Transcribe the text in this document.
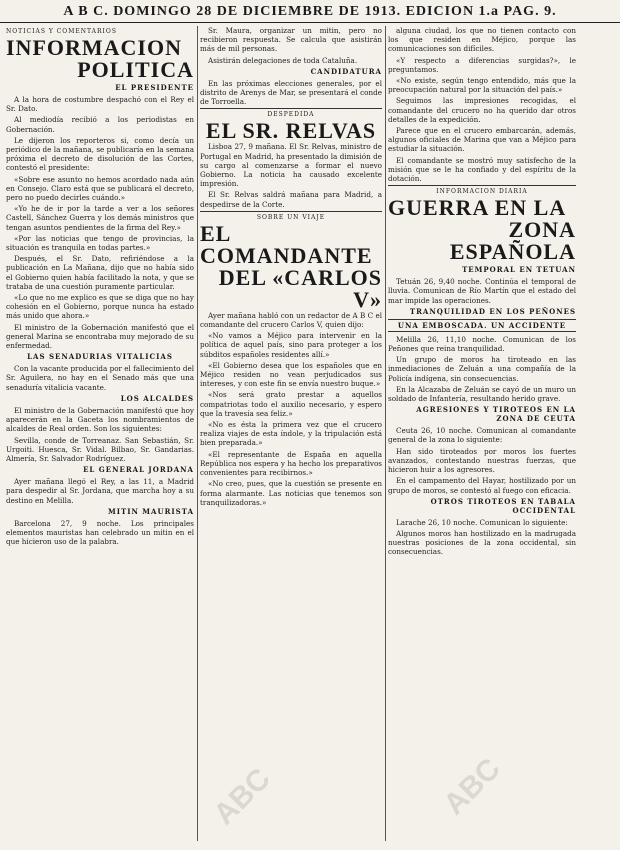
A B C. DOMINGO 28 DE DICIEMBRE DE 1913. EDICION 1.a PAG. 9.
NOTICIAS Y COMENTARIOS
INFORMACION
POLITICA
EL PRESIDENTE

A la hora de costumbre despachó con el Rey el Sr. Dato.

Al mediodía recibió a los periodistas en Gobernación.

Le dijeron los reporteros si, como decía un periódico de la mañana, se publicaría en la semana próxima el decreto de disolución de las Cortes, contestó el presidente:

«Sobre ese asunto no hemos acordado nada aún en Consejo. Claro está que se publicará el decreto, pero no puedo decirles cuándo.»

«Yo he de ir por la tarde a ver a los señores Castell, Sánchez Guerra y los demás ministros que tengan asuntos pendientes de la firma del Rey.»

«Por las noticias que tengo de provincias, la situación es tranquila en todas partes.»

Después, el Sr. Dato, refiriéndose a la publicación en La Mañana, dijo que no había sido el Gobierno quien había facilitado la nota, y que se trataba de una cuestión puramente particular.

«Lo que no me explico es que se diga que no hay cohesión en el Gobierno, porque nunca ha estado más unido que ahora.»

El ministro de la Gobernación manifestó que el general Marina se encontraba muy mejorado de su enfermedad.

LAS SENADURIAS VITALICIAS

Con la vacante producida por el fallecimiento del Sr. Aguilera, no hay en el Senado más que una senaduría vitalicia vacante.

LOS ALCALDES

El ministro de la Gobernación manifestó que hoy aparecerán en la Gaceta los nombramientos de alcaldes de Real orden. Son los siguientes:

Sevilla, conde de Torreanaz. San Sebastián, Sr. Urgoiti. Huesca, Sr. Vidal. Bilbao, Sr. Gandarias. Almería, Sr. Salvador Rodríguez.

EL GENERAL JORDANA

Ayer mañana llegó el Rey, a las 11, a Madrid para despedir al Sr. Jordana, que marcha hoy a su destino en Melilla.

MITIN MAURISTA

Barcelona 27, 9 noche. Los principales elementos mauristas han celebrado un mitin en el que hicieron uso de la palabra.

Sr. Maura, organizar un mitin, pero no recibieron respuesta. Se calcula que asistirán más de mil personas.

Asistirán delegaciones de toda Cataluña.

CANDIDATURA

En las próximas elecciones generales, por el distrito de Arenys de Mar, se presentará el conde de Torroella.

DESPEDIDA
EL SR. RELVAS

Lisboa 27, 9 mañana. El Sr. Relvas, ministro de Portugal en Madrid, ha presentado la dimisión de su cargo al comenzarse a formar el nuevo Gobierno. La noticia ha causado excelente impresión.

El Sr. Relvas saldrá mañana para Madrid, a despedirse de la Corte.

SOBRE UN VIAJE
EL COMANDANTE
DEL «CARLOS V»

Ayer mañana habló con un redactor de A B C el comandante del crucero Carlos V, quien dijo:

«No vamos a Méjico para intervenir en la política de aquel país, sino para proteger a los súbditos españoles residentes allí.»

«El Gobierno desea que los españoles que en Méjico residen no vean perjudicados sus intereses, y con este fin se envía nuestro buque.»

«Nos será grato prestar a aquellos compatriotas todo el auxilio necesario, y espero que la travesía sea feliz.»

«No es ésta la primera vez que el crucero realiza viajes de esta índole, y la tripulación está bien preparada.»

«El representante de España en aquella República nos espera y ha hecho los preparativos convenientes para recibirnos.»

«No creo, pues, que la cuestión se presente en forma alarmante. Las noticias que tenemos son tranquilizadoras.»

alguna ciudad, los que no tienen contacto con los que residen en Méjico, porque las comunicaciones son difíciles.

«Y respecto a diferencias surgidas?», le preguntamos.

«No existe, según tengo entendido, más que la preocupación natural por la situación del país.»

Seguimos las impresiones recogidas, el comandante del crucero no ha querido dar otros detalles de la expedición.

Parece que en el crucero embarcarán, además, algunos oficiales de Marina que van a Méjico para estudiar la situación.

El comandante se mostró muy satisfecho de la misión que se le ha confiado y del espíritu de la dotación.

INFORMACION DIARIA
GUERRA EN LA
ZONA ESPAÑOLA
TEMPORAL EN TETUAN

Tetuán 26, 9,40 noche. Continúa el temporal de lluvia. Comunican de Río Martín que el estado del mar impide las operaciones.

TRANQUILIDAD EN LOS PEÑONES
UNA EMBOSCADA. UN ACCIDENTE

Melilla 26, 11,10 noche. Comunican de los Peñones que reina tranquilidad.

Un grupo de moros ha tiroteado en las inmediaciones de Zeluán a una compañía de la Policía indígena, sin consecuencias.

En la Alcazaba de Zeluán se cayó de un muro un soldado de Infantería, resultando herido grave.

AGRESIONES Y TIROTEOS EN LA ZONA DE CEUTA

Ceuta 26, 10 noche. Comunican al comandante general de la zona lo siguiente:

Han sido tiroteados por moros los fuertes avanzados, contestando nuestras fuerzas, que hicieron huir a los agresores.

En el campamento del Hayar, hostilizado por un grupo de moros, se contestó al fuego con eficacia.

OTROS TIROTEOS EN TABALA OCCIDENTAL

Larache 26, 10 noche. Comunican lo siguiente:

Algunos moros han hostilizado en la madrugada nuestras posiciones de la zona occidental, sin consecuencias.

ABC	ABC
